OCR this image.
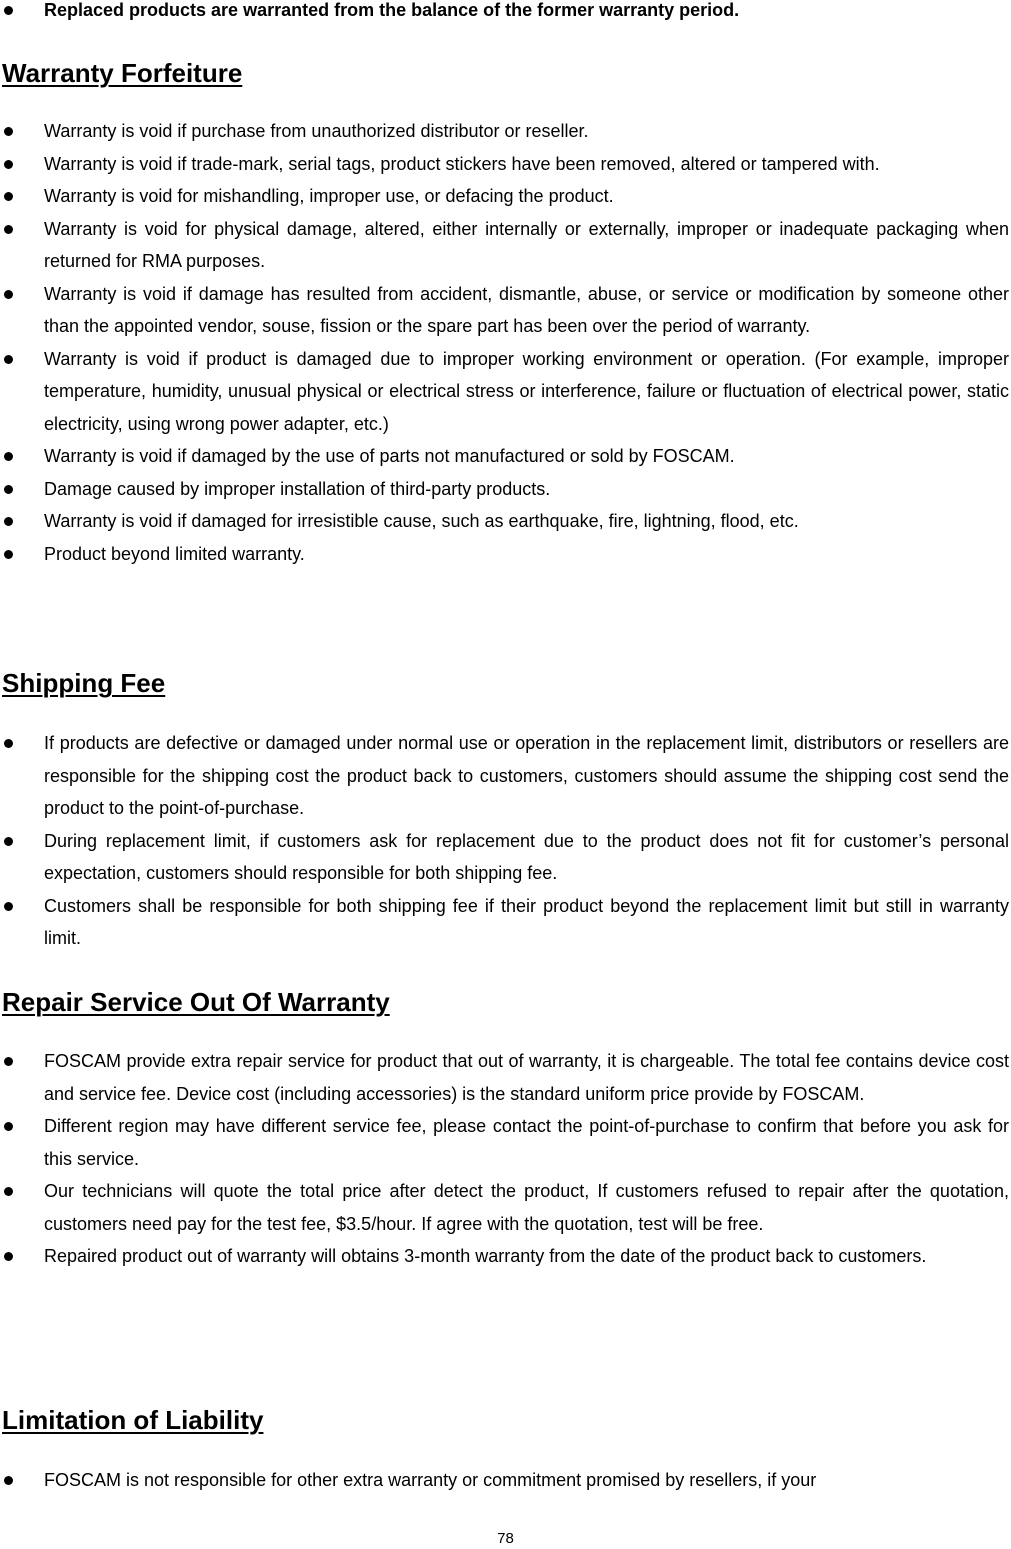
Replaced products are warranted from the balance of the former warranty period.
Warranty Forfeiture
Warranty is void if purchase from unauthorized distributor or reseller.
Warranty is void if trade-mark, serial tags, product stickers have been removed, altered or tampered with.
Warranty is void for mishandling, improper use, or defacing the product.
Warranty is void for physical damage, altered, either internally or externally, improper or inadequate packaging when returned for RMA purposes.
Warranty is void if damage has resulted from accident, dismantle, abuse, or service or modification by someone other than the appointed vendor, souse, fission or the spare part has been over the period of warranty.
Warranty is void if product is damaged due to improper working environment or operation. (For example, improper temperature, humidity, unusual physical or electrical stress or interference, failure or fluctuation of electrical power, static electricity, using wrong power adapter, etc.)
Warranty is void if damaged by the use of parts not manufactured or sold by FOSCAM.
Damage caused by improper installation of third-party products.
Warranty is void if damaged for irresistible cause, such as earthquake, fire, lightning, flood, etc.
Product beyond limited warranty.
Shipping Fee
If products are defective or damaged under normal use or operation in the replacement limit, distributors or resellers are responsible for the shipping cost the product back to customers, customers should assume the shipping cost send the product to the point-of-purchase.
During replacement limit, if customers ask for replacement due to the product does not fit for customer’s personal expectation, customers should responsible for both shipping fee.
Customers shall be responsible for both shipping fee if their product beyond the replacement limit but still in warranty limit.
Repair Service Out Of Warranty
FOSCAM provide extra repair service for product that out of warranty, it is chargeable. The total fee contains device cost and service fee. Device cost (including accessories) is the standard uniform price provide by FOSCAM.
Different region may have different service fee, please contact the point-of-purchase to confirm that before you ask for this service.
Our technicians will quote the total price after detect the product, If customers refused to repair after the quotation, customers need pay for the test fee, $3.5/hour. If agree with the quotation, test will be free.
Repaired product out of warranty will obtains 3-month warranty from the date of the product back to customers.
Limitation of Liability
FOSCAM is not responsible for other extra warranty or commitment promised by resellers, if your
78
